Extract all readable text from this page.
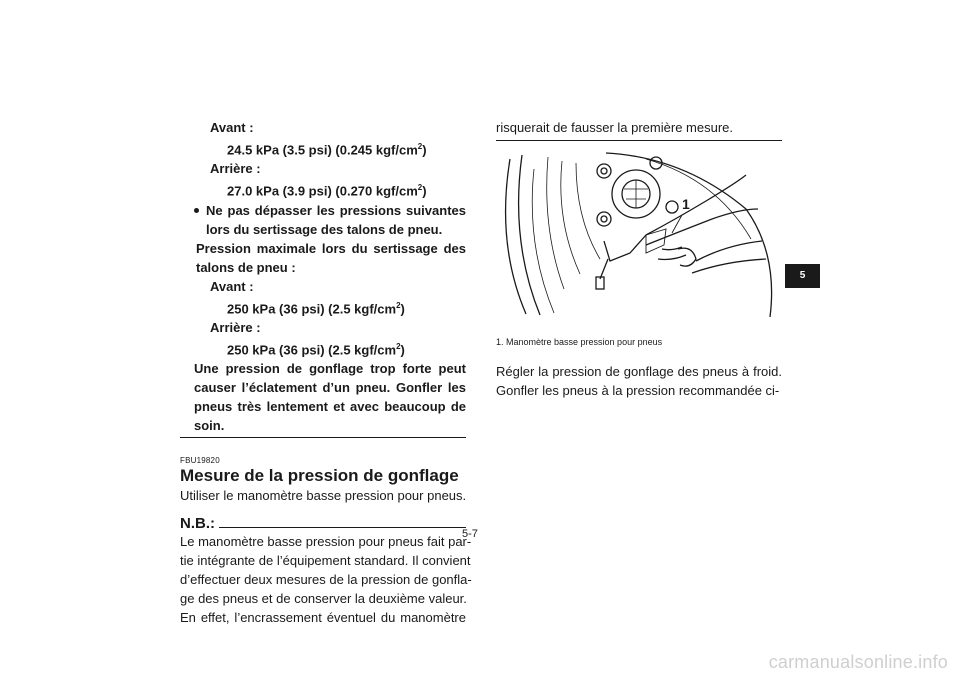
Avant :
24.5 kPa (3.5 psi) (0.245 kgf/$cm^2$)
Arrière :
27.0 kPa (3.9 psi) (0.270 kgf/$cm^2$)
Ne pas dépasser les pressions suivantes
lors du sertissage des talons de pneu.
Pression maximale lors du sertissage des
talons de pneu :
Avant :
250 kPa (36 psi) (2.5 kgf/$cm^2$)
Arrière :
250 kPa (36 psi) (2.5 kgf/$cm^2$)
Une pression de gonflage trop forte peut
causer l’éclatement d’un pneu. Gonfler les
pneus très lentement et avec beaucoup de
soin.
FBU19820
Mesure de la pression de gonflage
Utiliser le manomètre basse pression pour pneus.
N.B.:
Le manomètre basse pression pour pneus fait par-
tie intégrante de l’équipement standard. Il convient
d’effectuer deux mesures de la pression de gonfla-
ge des pneus et de conserver la deuxième valeur.
En effet, l’encrassement éventuel du manomètre
risquerait de fausser la première mesure.
1
1. Manomètre basse pression pour pneus
Régler la pression de gonflage des pneus à froid.
Gonfler les pneus à la pression recommandée ci-
5
5-7
carmanualsonline.info
